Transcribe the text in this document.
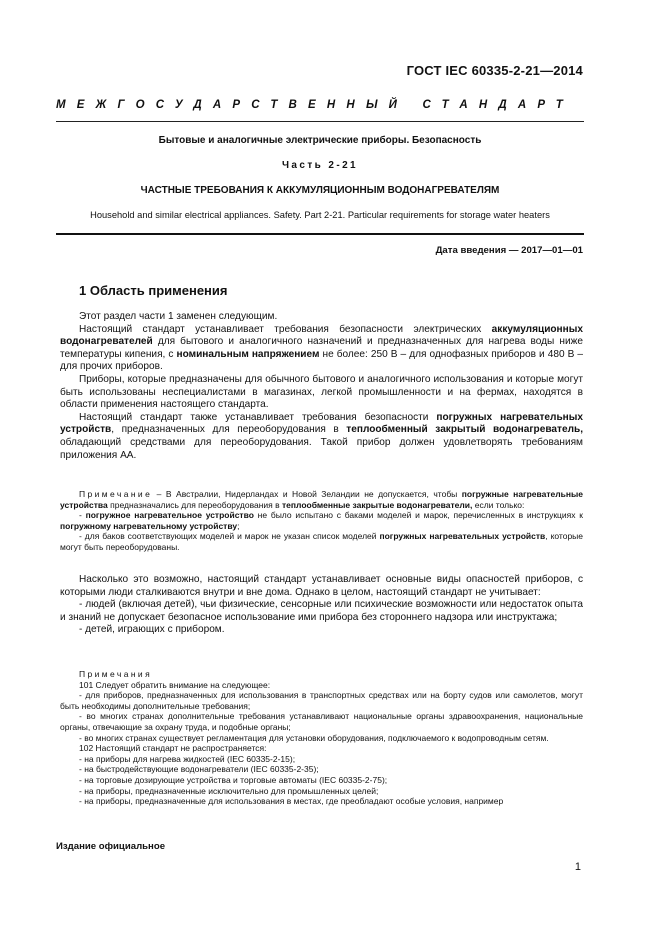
ГОСТ IEC 60335-2-21—2014
МЕЖГОСУДАРСТВЕННЫЙ СТАНДАРТ
Бытовые и аналогичные электрические приборы. Безопасность
Часть 2-21
ЧАСТНЫЕ ТРЕБОВАНИЯ К АККУМУЛЯЦИОННЫМ ВОДОНАГРЕВАТЕЛЯМ
Household and similar electrical appliances. Safety. Part 2-21. Particular requirements for storage water heaters
Дата введения — 2017—01—01
1 Область применения

Этот раздел части 1 заменен следующим.

Настоящий стандарт устанавливает требования безопасности электрических аккумуляционных водонагревателей для бытового и аналогичного назначений и предназначенных для нагрева воды ниже температуры кипения, с номинальным напряжением не более: 250 В – для однофазных приборов и 480 В – для прочих приборов.

Приборы, которые предназначены для обычного бытового и аналогичного использования и которые могут быть использованы неспециалистами в магазинах, легкой промышленности и на фермах, находятся в области применения настоящего стандарта.

Настоящий стандарт также устанавливает требования безопасности погружных нагревательных устройств, предназначенных для переоборудования в теплообменный закрытый водонагреватель, обладающий средствами для переоборудования. Такой прибор должен удовлетворять требованиям приложения АА.

Примечание – В Австралии, Нидерландах и Новой Зеландии не допускается, чтобы погружные нагревательные устройства предназначались для переоборудования в теплообменные закрытые водонагреватели, если только:

- погружное нагревательное устройство не было испытано с баками моделей и марок, перечисленных в инструкциях к погружному нагревательному устройству;

- для баков соответствующих моделей и марок не указан список моделей погружных нагревательных устройств, которые могут быть переоборудованы.

Насколько это возможно, настоящий стандарт устанавливает основные виды опасностей приборов, с которыми люди сталкиваются внутри и вне дома. Однако в целом, настоящий стандарт не учитывает:

- людей (включая детей), чьи физические, сенсорные или психические возможности или недостаток опыта и знаний не допускает безопасное использование ими прибора без стороннего надзора или инструктажа;

- детей, играющих с прибором.

Примечания

101 Следует обратить внимание на следующее:

- для приборов, предназначенных для использования в транспортных средствах или на борту судов или самолетов, могут быть необходимы дополнительные требования;

- во многих странах дополнительные требования устанавливают национальные органы здравоохранения, национальные органы, отвечающие за охрану труда, и подобные органы;

- во многих странах существует регламентация для установки оборудования, подключаемого к водопроводным сетям.

102 Настоящий стандарт не распространяется:

- на приборы для нагрева жидкостей (IEC 60335-2-15);

- на быстродействующие водонагреватели (IEC 60335-2-35);

- на торговые дозирующие устройства и торговые автоматы (IEC 60335-2-75);

- на приборы, предназначенные исключительно для промышленных целей;

- на приборы, предназначенные для использования в местах, где преобладают особые условия, например

Издание официальное
1
